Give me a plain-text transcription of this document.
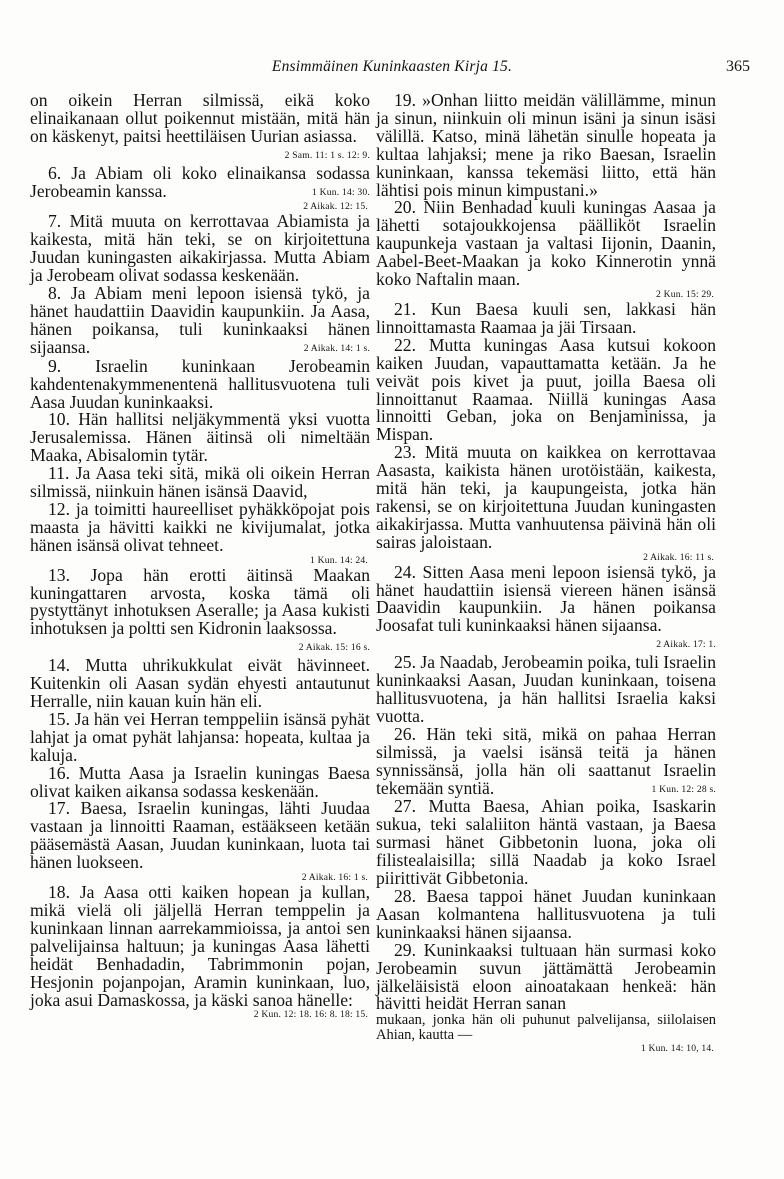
Ensimmäinen Kuninkaasten Kirja 15.	365

on oikein Herran silmissä, eikä koko elinaikanaan ollut poikennut mistään, mitä hän on käskenyt, paitsi heettiläisen Uurian asiassa.
2 Sam. 11: 1 s. 12: 9.

6. Ja Abiam oli koko elinaikansa sodassa Jerobeamin kanssa.	1 Kun. 14: 30.

2 Aikak. 12: 15.

7. Mitä muuta on kerrottavaa Abiamista ja kaikesta, mitä hän teki, se on kirjoitettuna Juudan kuningasten aikakirjassa. Mutta Abiam ja Jerobeam olivat sodassa keskenään.

8. Ja Abiam meni lepoon isiensä tykö, ja hänet haudattiin Daavidin kaupunkiin. Ja Aasa, hänen poikansa, tuli kuninkaaksi hänen sijaansa.	2 Aikak. 14: 1 s.

9. Israelin kuninkaan Jerobeamin kahdentenakymmenentenä hallitusvuotena tuli Aasa Juudan kuninkaaksi.

10. Hän hallitsi neljäkymmentä yksi vuotta Jerusalemissa. Hänen äitinsä oli nimeltään Maaka, Abisalomin tytär.

11. Ja Aasa teki sitä, mikä oli oikein Herran silmissä, niinkuin hänen isänsä Daavid,

12. ja toimitti haureelliset pyhäkköpojat pois maasta ja hävitti kaikki ne kivijumalat, jotka hänen isänsä olivat tehneet.

1 Kun. 14: 24.

13. Jopa hän erotti äitinsä Maakan kuningattaren arvosta, koska tämä oli pystyttänyt inhotuksen Aseralle; ja Aasa kukisti inhotuksen ja poltti sen Kidronin laaksossa.
2 Aikak. 15: 16 s.

14. Mutta uhrikukkulat eivät hävinneet. Kuitenkin oli Aasan sydän ehyesti antautunut Herralle, niin kauan kuin hän eli.

15. Ja hän vei Herran temppeliin isänsä pyhät lahjat ja omat pyhät lahjansa: hopeata, kultaa ja kaluja.

16. Mutta Aasa ja Israelin kuningas Baesa olivat kaiken aikansa sodassa keskenään.

17. Baesa, Israelin kuningas, lähti Juudaa vastaan ja linnoitti Raaman, estääkseen ketään pääsemästä Aasan, Juudan kuninkaan, luota tai hänen luokseen.

2 Aikak. 16: 1 s.

18. Ja Aasa otti kaiken hopean ja kullan, mikä vielä oli jäljellä Herran temppelin ja kuninkaan linnan aarrekammioissa, ja antoi sen palvelijainsa haltuun; ja kuningas Aasa lähetti heidät Benhadadin, Tabrimmonin pojan, Hesjonin pojanpojan, Aramin kuninkaan, luo, joka asui Damaskossa, ja käski sanoa hänelle:

2 Kun. 12: 18. 16: 8. 18: 15.

19. »Onhan liitto meidän välillämme, minun ja sinun, niinkuin oli minun isäni ja sinun isäsi välillä. Katso, minä lähetän sinulle hopeata ja kultaa lahjaksi; mene ja riko Baesan, Israelin kuninkaan, kanssa tekemäsi liitto, että hän lähtisi pois minun kimpustani.»

20. Niin Benhadad kuuli kuningas Aasaa ja lähetti sotajoukkojensa päälliköt Israelin kaupunkeja vastaan ja valtasi Iijonin, Daanin, Aabel-Beet-Maakan ja koko Kinnerotin ynnä koko Naftalin maan.

2 Kun. 15: 29.

21. Kun Baesa kuuli sen, lakkasi hän linnoittamasta Raamaa ja jäi Tirsaan.

22. Mutta kuningas Aasa kutsui kokoon kaiken Juudan, vapauttamatta ketään. Ja he veivät pois kivet ja puut, joilla Baesa oli linnoittanut Raamaa. Niillä kuningas Aasa linnoitti Geban, joka on Benjaminissa, ja Mispan.

23. Mitä muuta on kaikkea on kerrottavaa Aasasta, kaikista hänen urotöistään, kaikesta, mitä hän teki, ja kaupungeista, jotka hän rakensi, se on kirjoitettuna Juudan kuningasten aikakirjassa. Mutta vanhuutensa päivinä hän oli sairas jaloistaan.

2 Aikak. 16: 11 s.

24. Sitten Aasa meni lepoon isiensä tykö, ja hänet haudattiin isiensä viereen hänen isänsä Daavidin kaupunkiin. Ja hänen poikansa Joosafat tuli kuninkaaksi hänen sijaansa.
2 Aikak. 17: 1.

25. Ja Naadab, Jerobeamin poika, tuli Israelin kuninkaaksi Aasan, Juudan kuninkaan, toisena hallitusvuotena, ja hän hallitsi Israelia kaksi vuotta.

26. Hän teki sitä, mikä on pahaa Herran silmissä, ja vaelsi isänsä teitä ja hänen synnissänsä, jolla hän oli saattanut Israelin tekemään syntiä.	1 Kun. 12: 28 s.

27. Mutta Baesa, Ahian poika, Isaskarin sukua, teki salaliiton häntä vastaan, ja Baesa surmasi hänet Gibbetonin luona, joka oli filistealaisilla; sillä Naadab ja koko Israel piirittivät Gibbetonia.

28. Baesa tappoi hänet Juudan kuninkaan Aasan kolmantena hallitusvuotena ja tuli kuninkaaksi hänen sijaansa.

29. Kuninkaaksi tultuaan hän surmasi koko Jerobeamin suvun jättämättä Jerobeamin jälkeläisistä eloon ainoatakaan henkeä: hän hävitti heidät Herran sanan

mukaan, jonka hän oli puhunut palvelijansa, siilolaisen Ahian, kautta —

1 Kun. 14: 10, 14.
